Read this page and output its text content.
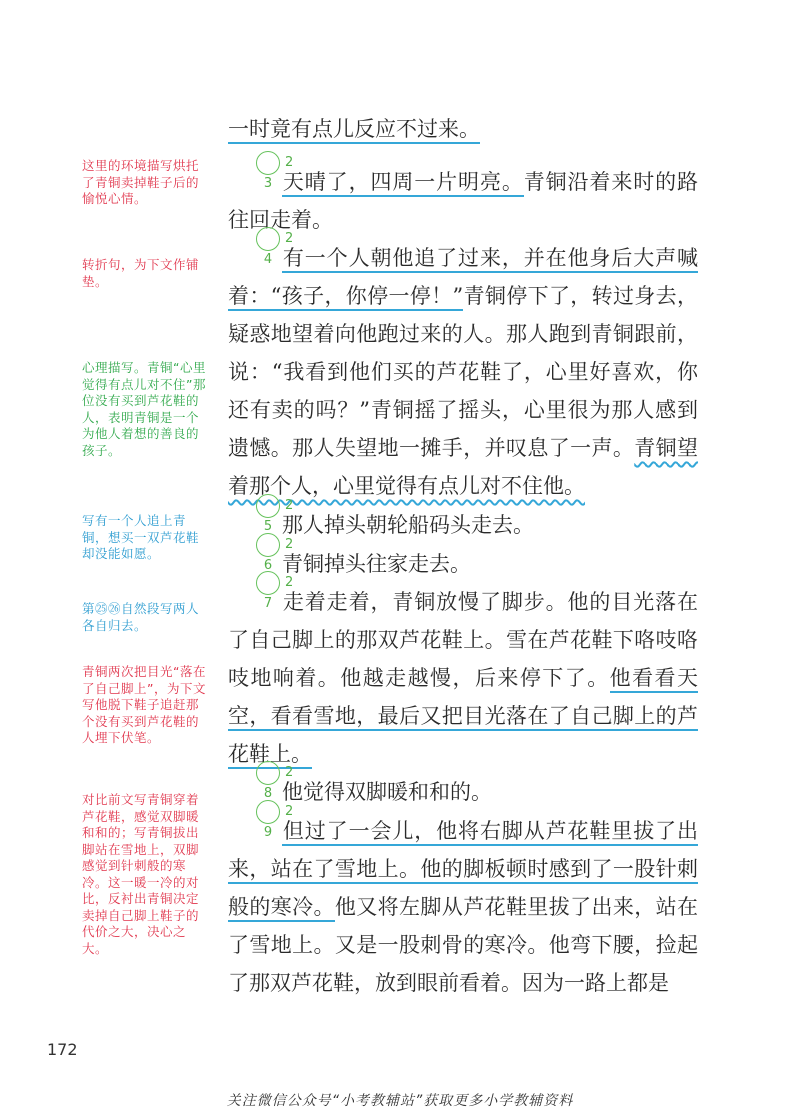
这里的环境描写烘托了青铜卖掉鞋子后的愉悦心情。
转折句，为下文作铺垫。
心理描写。青铜“心里觉得有点儿对不住”那位没有买到芦花鞋的人，表明青铜是一个为他人着想的善良的孩子。
写有一个人追上青铜，想买一双芦花鞋却没能如愿。
第㉕㉖自然段写两人各自归去。
青铜两次把目光“落在了自己脚上”，为下文写他脱下鞋子追赶那个没有买到芦花鞋的人埋下伏笔。
对比前文写青铜穿着芦花鞋，感觉双脚暖和和的；写青铜拔出脚站在雪地上，双脚感觉到针刺般的寒冷。这一暖一冷的对比，反衬出青铜决定卖掉自己脚上鞋子的代价之大，决心之大。

一时竟有点儿反应不过来。

23 天晴了，四周一片明亮。青铜沿着来时的路往回走着。

24 有一个人朝他追了过来，并在他身后大声喊着：“孩子，你停一停！”青铜停下了，转过身去，疑惑地望着向他跑过来的人。那人跑到青铜跟前，说：“我看到他们买的芦花鞋了，心里好喜欢，你还有卖的吗？”青铜摇了摇头，心里很为那人感到遗憾。那人失望地一摊手，并叹息了一声。青铜望着那个人，心里觉得有点儿对不住他。

25 那人掉头朝轮船码头走去。

26 青铜掉头往家走去。

27 走着走着，青铜放慢了脚步。他的目光落在了自己脚上的那双芦花鞋上。雪在芦花鞋下咯吱咯吱地响着。他越走越慢，后来停下了。他看看天空，看看雪地，最后又把目光落在了自己脚上的芦花鞋上。

28 他觉得双脚暖和和的。

29 但过了一会儿，他将右脚从芦花鞋里拔了出来，站在了雪地上。他的脚板顿时感到了一股针刺般的寒冷。他又将左脚从芦花鞋里拔了出来，站在了雪地上。又是一股刺骨的寒冷。他弯下腰，捡起了那双芦花鞋，放到眼前看着。因为一路上都是

172
关注微信公众号“小考教辅站”获取更多小学教辅资料
